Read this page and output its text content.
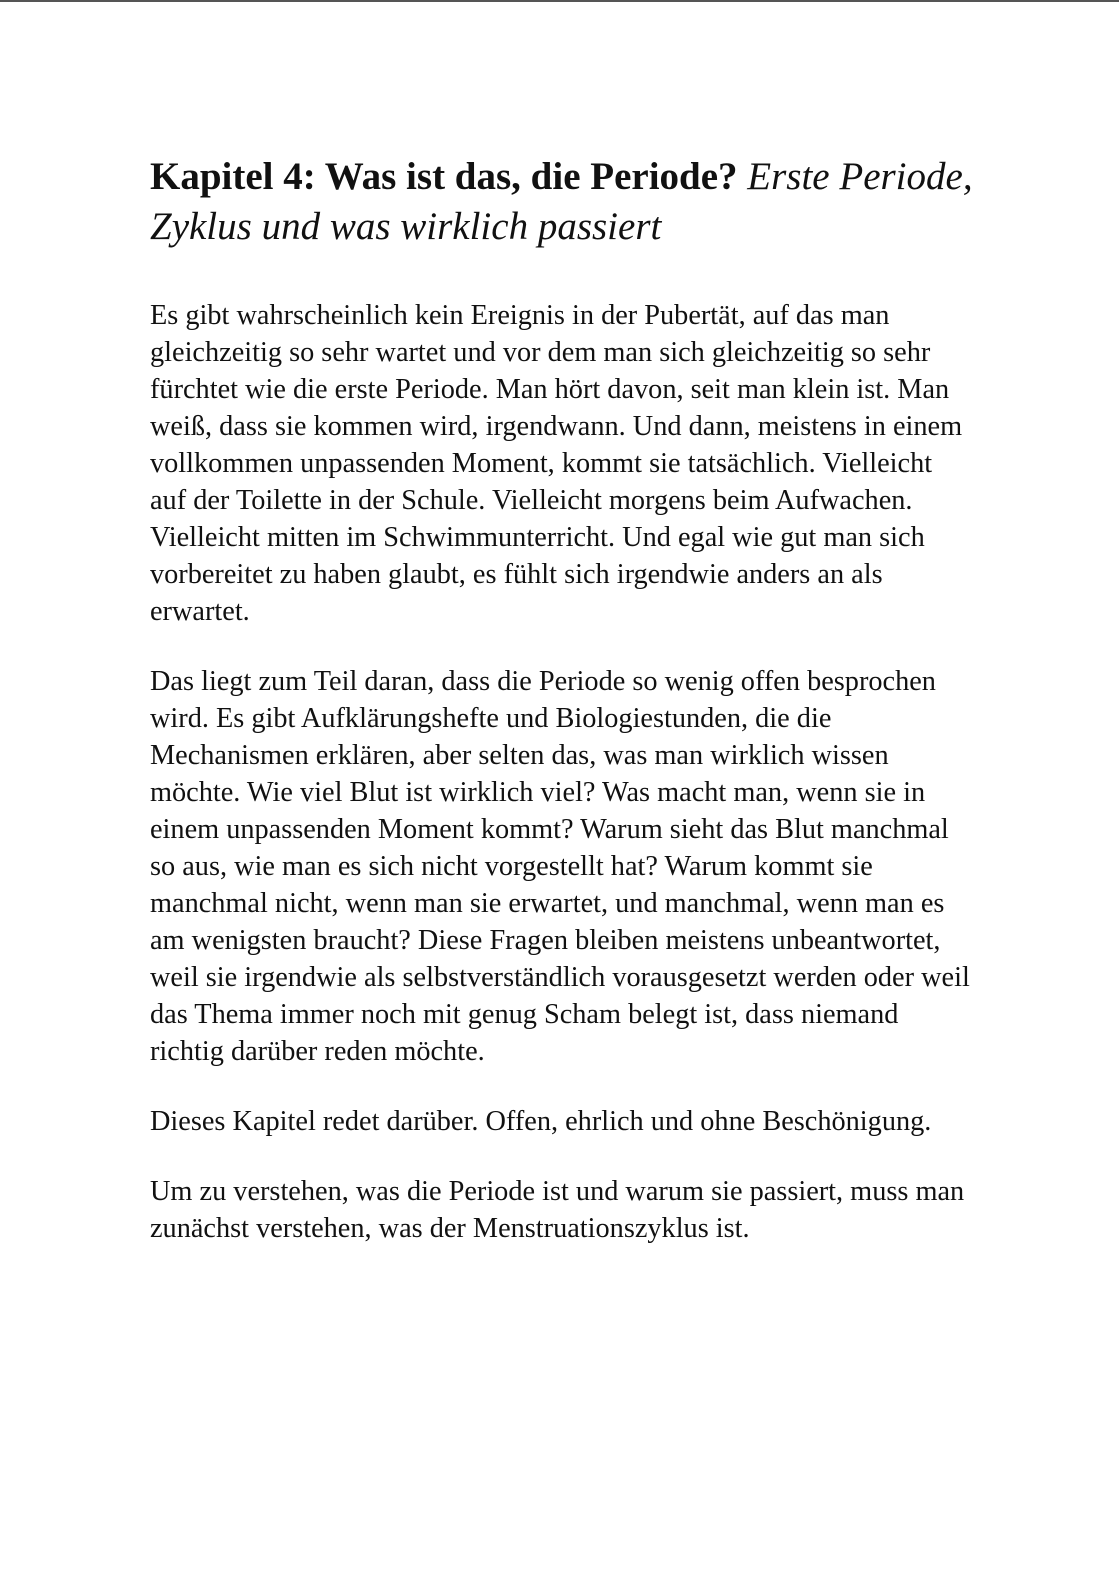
Kapitel 4: Was ist das, die Periode? Erste Periode, Zyklus und was wirklich passiert

Es gibt wahrscheinlich kein Ereignis in der Pubertät, auf das man gleichzeitig so sehr wartet und vor dem man sich gleichzeitig so sehr fürchtet wie die erste Periode. Man hört davon, seit man klein ist. Man weiß, dass sie kommen wird, irgendwann. Und dann, meistens in einem vollkommen unpassenden Moment, kommt sie tatsächlich. Vielleicht auf der Toilette in der Schule. Vielleicht morgens beim Aufwachen. Vielleicht mitten im Schwimmunterricht. Und egal wie gut man sich vorbereitet zu haben glaubt, es fühlt sich irgendwie anders an als erwartet.

Das liegt zum Teil daran, dass die Periode so wenig offen besprochen wird. Es gibt Aufklärungshefte und Biologiestunden, die die Mechanismen erklären, aber selten das, was man wirklich wissen möchte. Wie viel Blut ist wirklich viel? Was macht man, wenn sie in einem unpassenden Moment kommt? Warum sieht das Blut manchmal so aus, wie man es sich nicht vorgestellt hat? Warum kommt sie manchmal nicht, wenn man sie erwartet, und manchmal, wenn man es am wenigsten braucht? Diese Fragen bleiben meistens unbeantwortet, weil sie irgendwie als selbstverständlich vorausgesetzt werden oder weil das Thema immer noch mit genug Scham belegt ist, dass niemand richtig darüber reden möchte.

Dieses Kapitel redet darüber. Offen, ehrlich und ohne Beschönigung.

Um zu verstehen, was die Periode ist und warum sie passiert, muss man zunächst verstehen, was der Menstruationszyklus ist.
